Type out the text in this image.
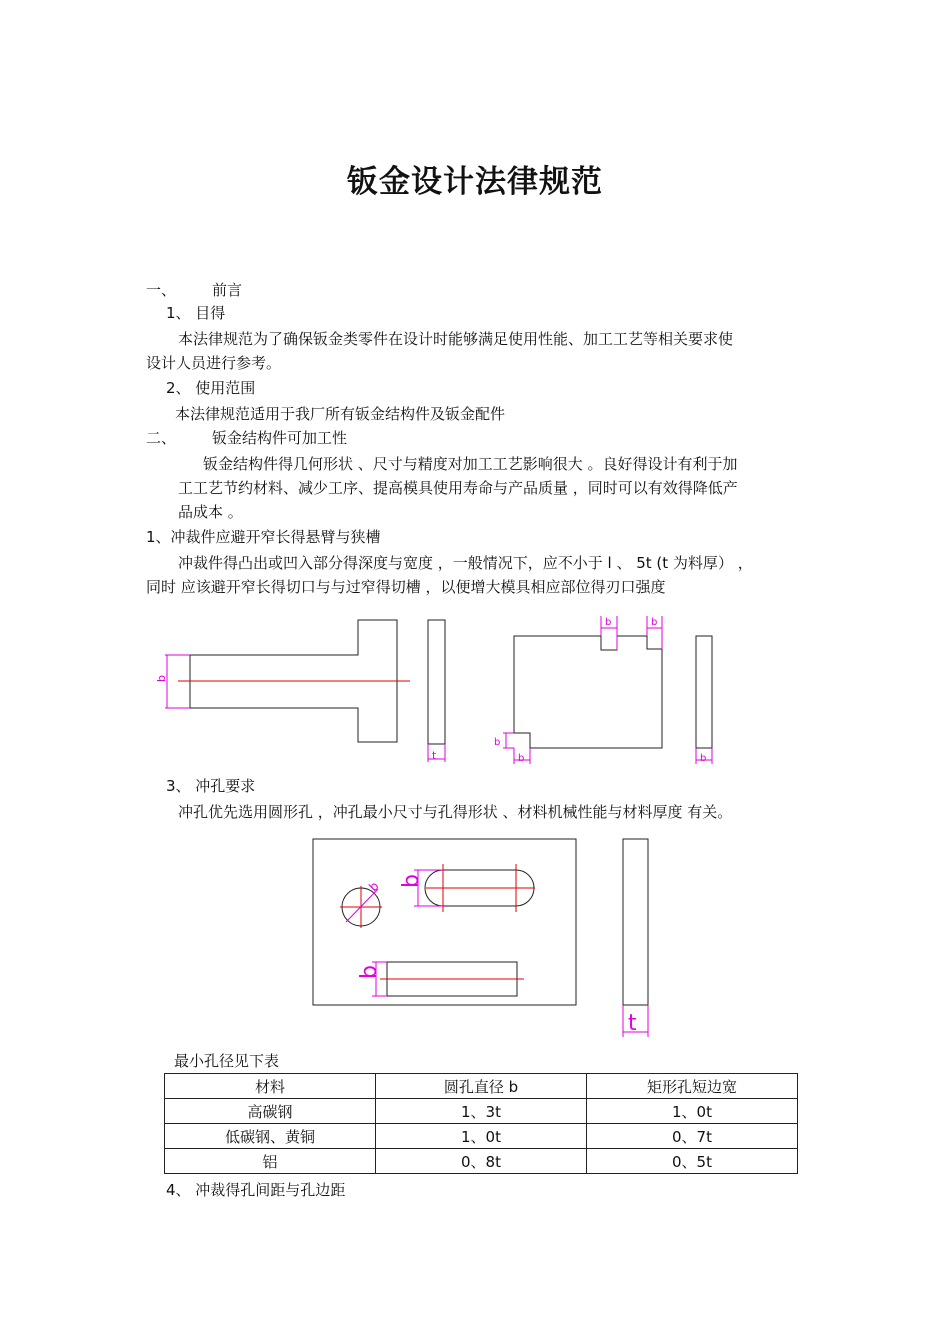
钣金设计法律规范
一、 前言
1、 目得
本法律规范为了确保钣金类零件在设计时能够满足使用性能、加工工艺等相关要求使
设计人员进行参考。
2、 使用范围
本法律规范适用于我厂所有钣金结构件及钣金配件
二、 钣金结构件可加工性
钣金结构件得几何形状 、尺寸与精度对加工工艺影响很大 。良好得设计有利于加
工工艺节约材料、减少工序、提高模具使用寿命与产品质量 ，同时可以有效得降低产
品成本 。
1、冲裁件应避开窄长得悬臂与狭槽
冲裁件得凸出或凹入部分得深度与宽度 ，一般情况下，应不小于 l 、 5t (t 为料厚） ，
同时 应该避开窄长得切口与与过窄得切槽 ，以便增大模具相应部位得刃口强度
b
t
b	b
b
b	b
b b
b
t
3、 冲孔要求
冲孔优先选用圆形孔 ，冲孔最小尺寸与孔得形状 、材料机械性能与材料厚度 有关。
最小孔径见下表
材料	圆孔直径 b	矩形孔短边宽
高碳钢	1、3t	1、0t
低碳钢、黄铜	1、0t	0、7t
铝	0、8t	0、5t
4、 冲裁得孔间距与孔边距
